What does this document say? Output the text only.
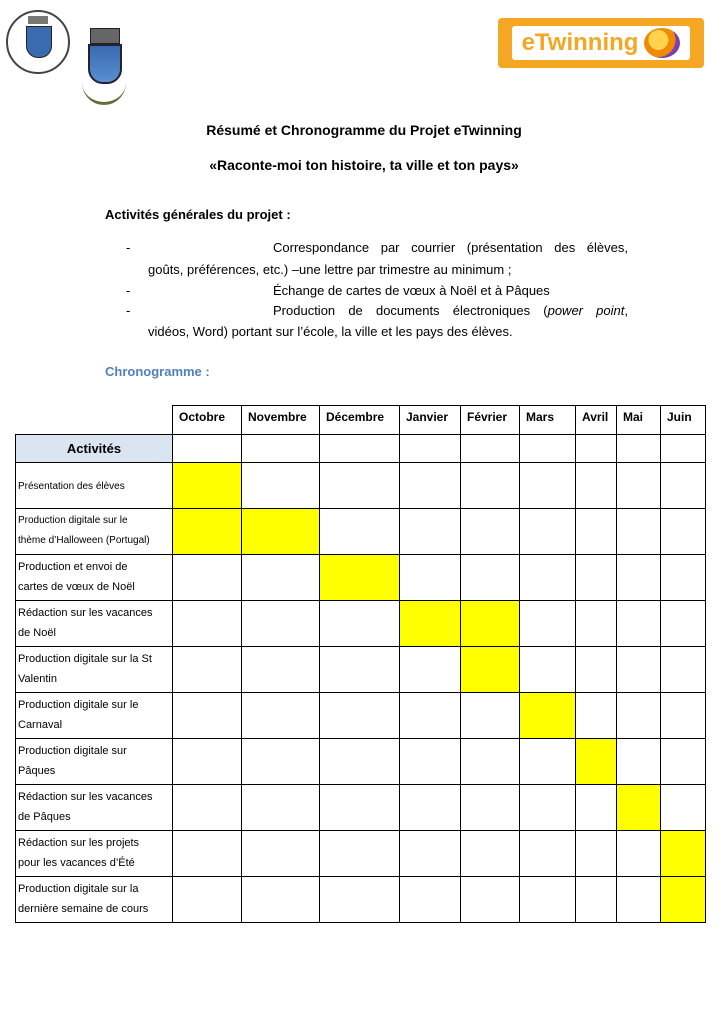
eTwinning
Résumé et Chronogramme du Projet eTwinning
«Raconte-moi ton histoire, ta ville et ton pays»
Activités générales du projet :
-	Correspondance par courrier (présentation des élèves,
goûts, préférences, etc.) –une lettre par trimestre au minimum ;
-	Échange de cartes de vœux à Noël et à Pâques
-	Production de documents électroniques (power point,
vidéos, Word) portant sur l’école, la ville et les pays des élèves.
Chronogramme :
	Octobre	Novembre	Décembre	Janvier	Février	Mars	Avril	Mai	Juin
Activités									

Présentation des élèves									

Production digitale sur le
thème d’Halloween (Portugal)									

Production et envoi de
cartes de vœux de Noël									

Rédaction sur les vacances
de Noël									

Production digitale sur la St
Valentin									

Production digitale sur le
Carnaval									

Production digitale sur
Pâques									

Rédaction sur les vacances
de Pâques									

Rédaction sur les projets
pour les vacances d’Été									

Production digitale sur la
dernière semaine de cours									
